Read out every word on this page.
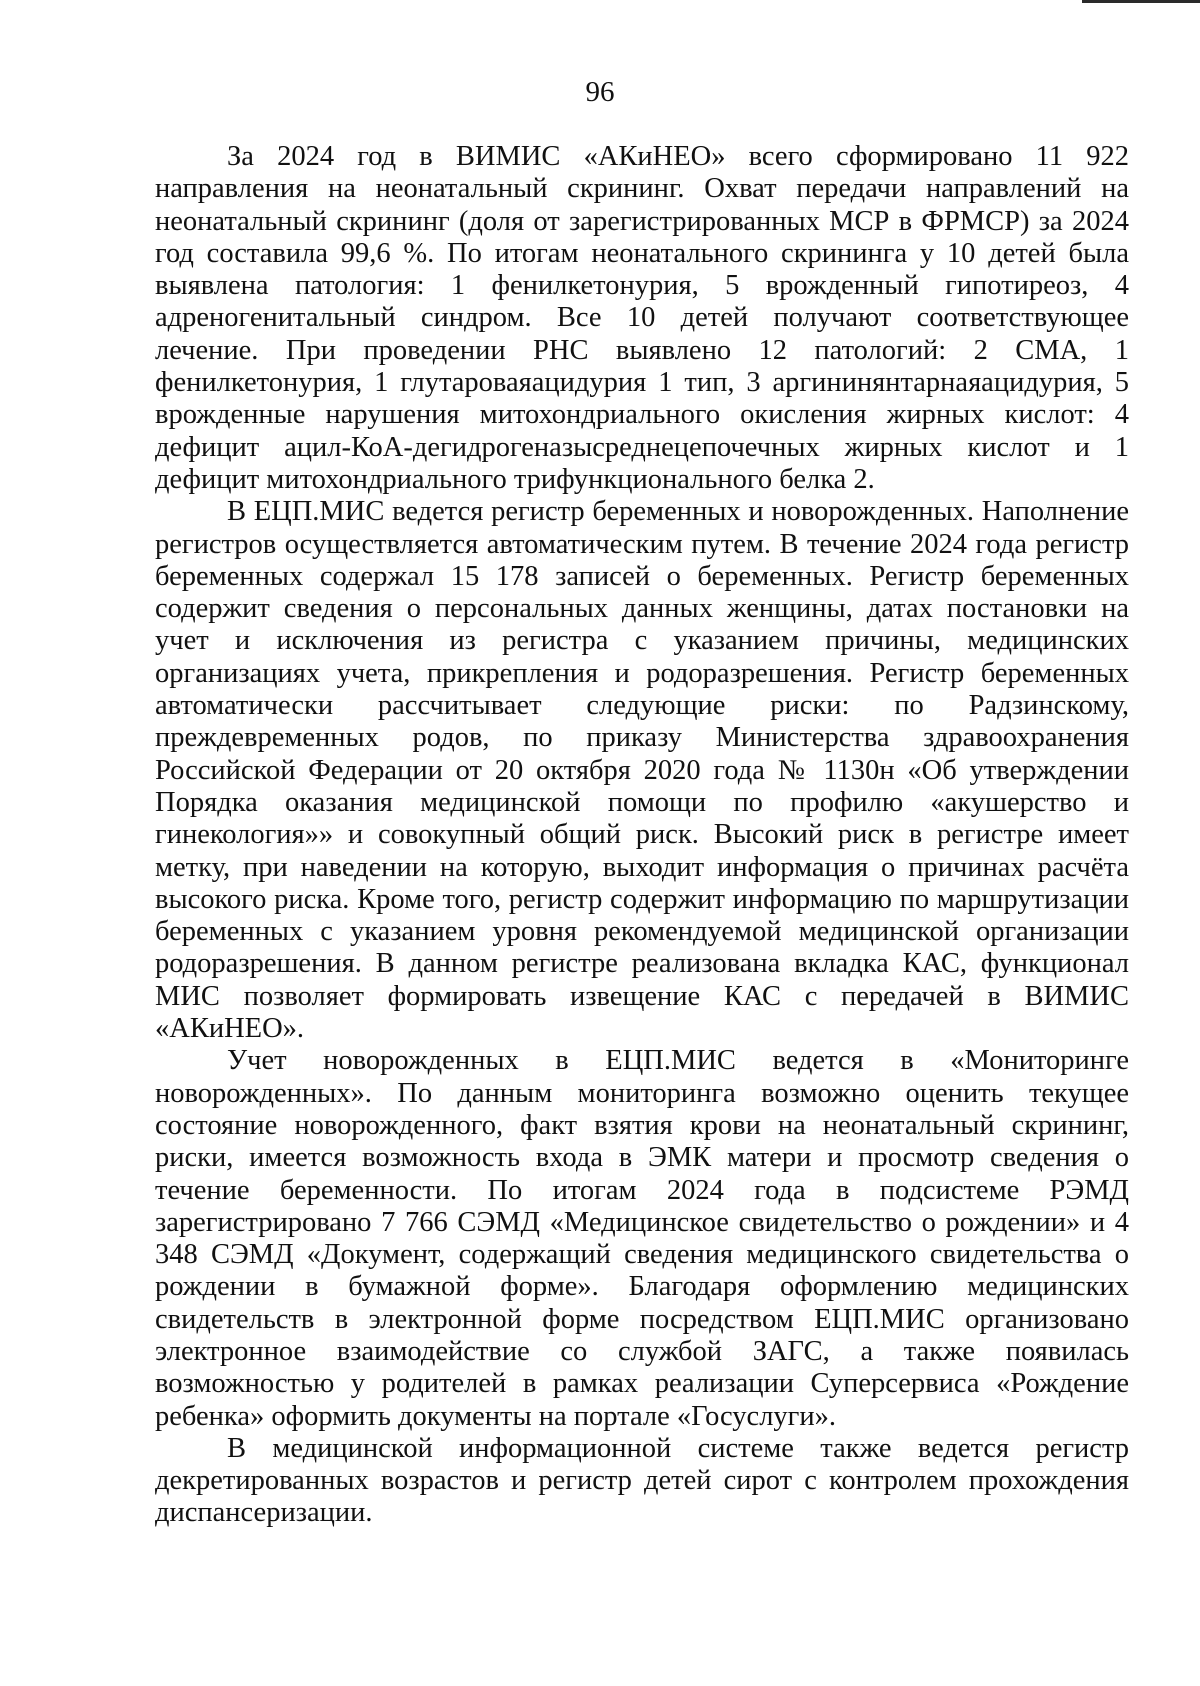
96

За 2024 год в ВИМИС «АКиНЕО» всего сформировано 11 922 направления на неонатальный скрининг. Охват передачи направлений на неонатальный скрининг (доля от зарегистрированных МСР в ФРМСР) за 2024 год составила 99,6 %. По итогам неонатального скрининга у 10 детей была выявлена патология: 1 фенилкетонурия, 5 врожденный гипотиреоз, 4 адреногенитальный синдром. Все 10 детей получают соответствующее лечение. При проведении РНС выявлено 12 патологий: 2 СМА, 1 фенилкетонурия, 1 глутароваяацидурия 1 тип, 3 аргининянтарнаяацидурия, 5 врожденные нарушения митохондриального окисления жирных кислот: 4 дефицит ацил-КоА-дегидрогеназысреднецепочечных жирных кислот и 1 дефицит митохондриального трифункционального белка 2.

В ЕЦП.МИС ведется регистр беременных и новорожденных. Наполнение регистров осуществляется автоматическим путем. В течение 2024 года регистр беременных содержал 15 178 записей о беременных. Регистр беременных содержит сведения о персональных данных женщины, датах постановки на учет и исключения из регистра с указанием причины, медицинских организациях учета, прикрепления и родоразрешения. Регистр беременных автоматически рассчитывает следующие риски: по Радзинскому, преждевременных родов, по приказу Министерства здравоохранения Российской Федерации от 20 октября 2020 года № 1130н «Об утверждении Порядка оказания медицинской помощи по профилю «акушерство и гинекология»» и совокупный общий риск. Высокий риск в регистре имеет метку, при наведении на которую, выходит информация о причинах расчёта высокого риска. Кроме того, регистр содержит информацию по маршрутизации беременных с указанием уровня рекомендуемой медицинской организации родоразрешения. В данном регистре реализована вкладка КАС, функционал МИС позволяет формировать извещение КАС с передачей в ВИМИС «АКиНЕО».

Учет новорожденных в ЕЦП.МИС ведется в «Мониторинге новорожденных». По данным мониторинга возможно оценить текущее состояние новорожденного, факт взятия крови на неонатальный скрининг, риски, имеется возможность входа в ЭМК матери и просмотр сведения о течение беременности. По итогам 2024 года в подсистеме РЭМД зарегистрировано 7 766 СЭМД «Медицинское свидетельство о рождении» и 4 348 СЭМД «Документ, содержащий сведения медицинского свидетельства о рождении в бумажной форме». Благодаря оформлению медицинских свидетельств в электронной форме посредством ЕЦП.МИС организовано электронное взаимодействие со службой ЗАГС, а также появилась возможностью у родителей в рамках реализации Суперсервиса «Рождение ребенка» оформить документы на портале «Госуслуги».

В медицинской информационной системе также ведется регистр декретированных возрастов и регистр детей сирот с контролем прохождения диспансеризации.
